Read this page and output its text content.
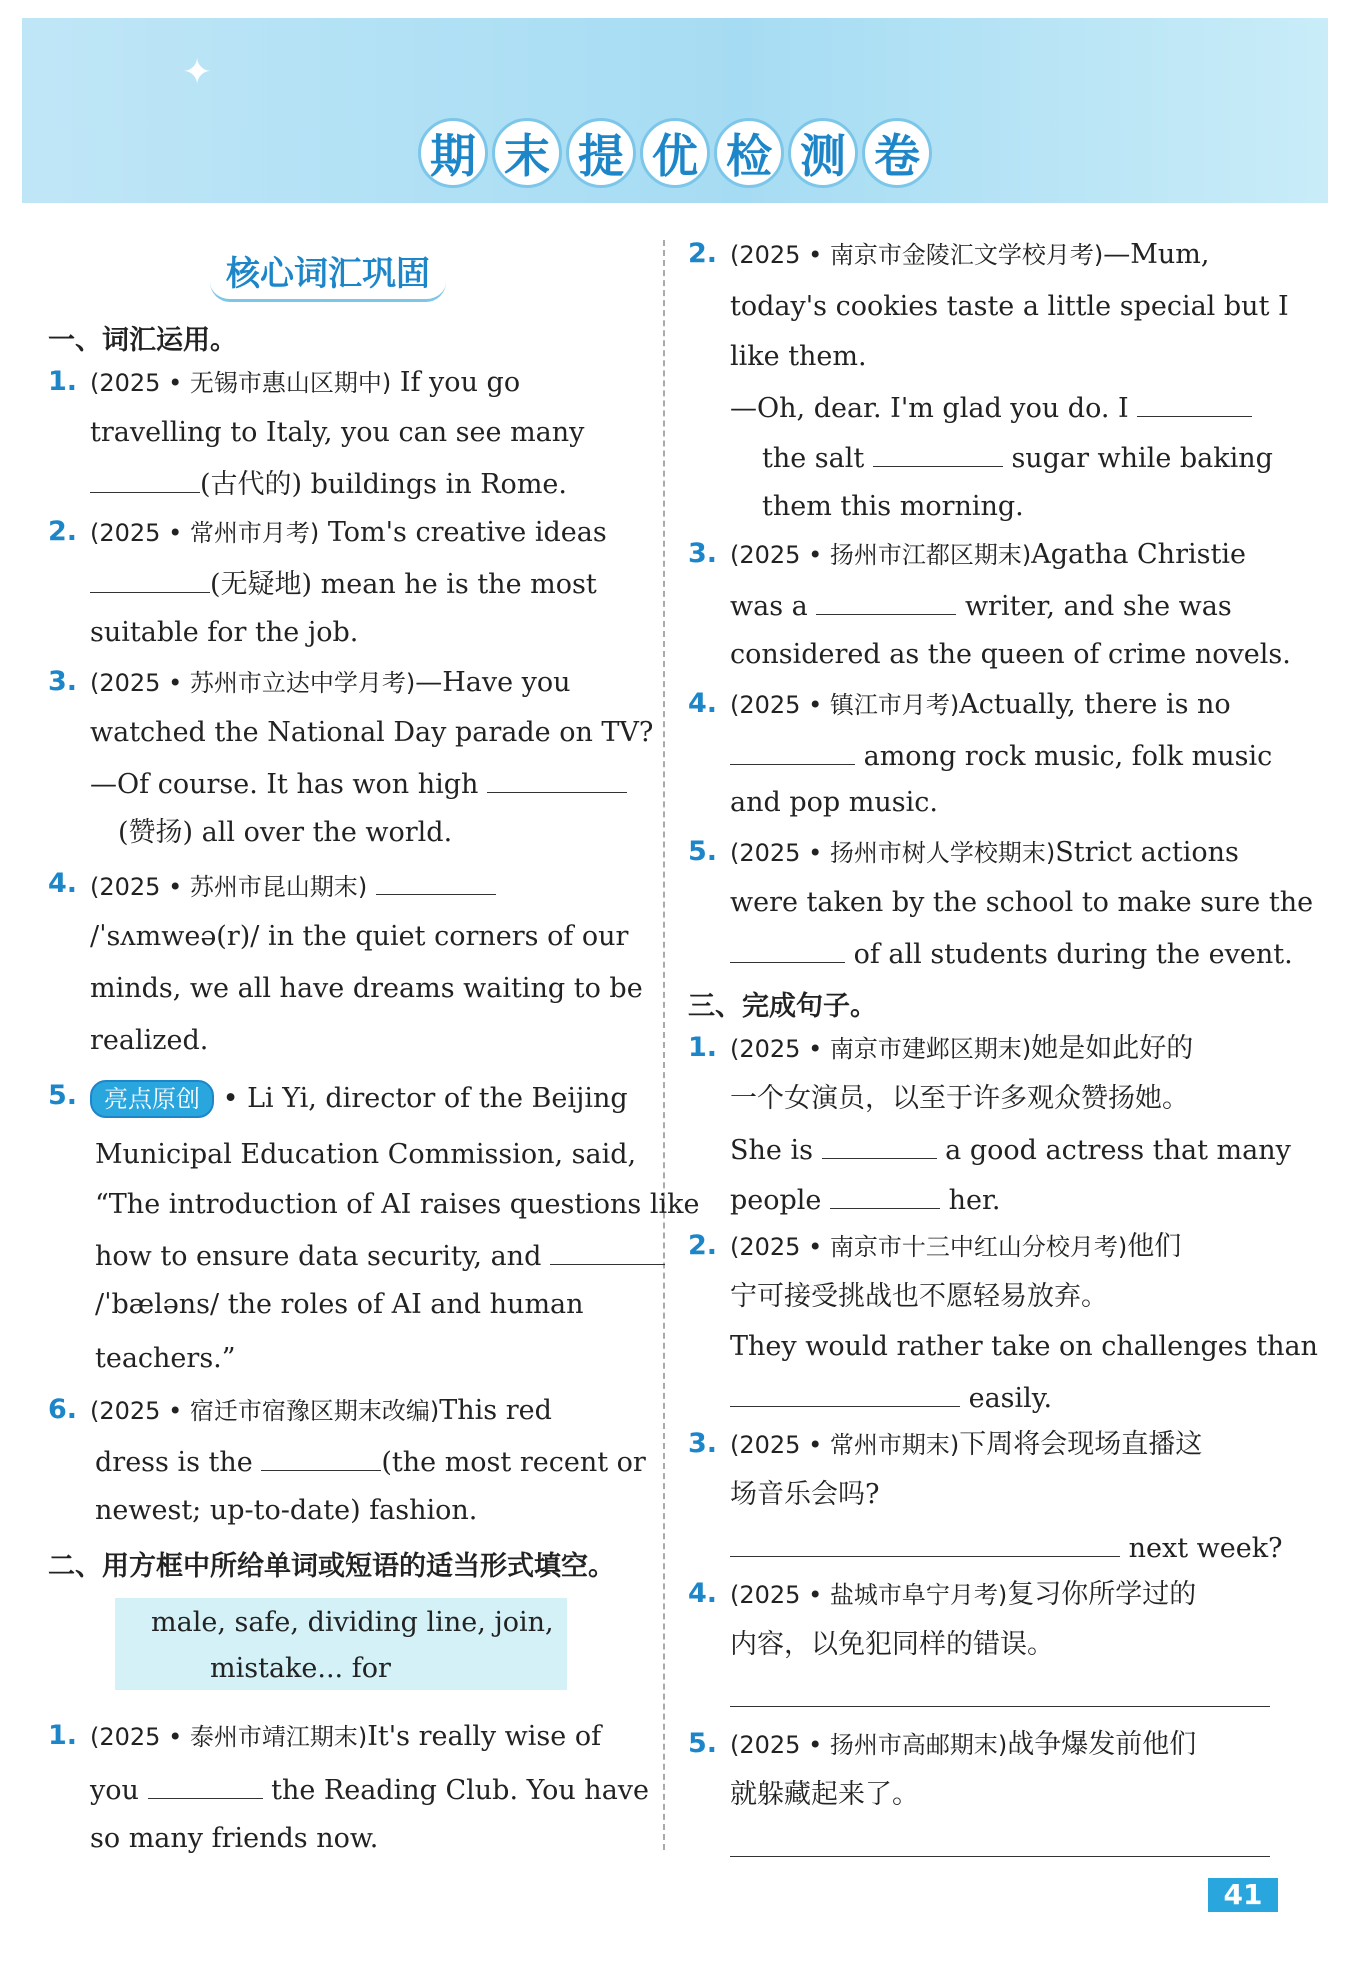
✦
期 末 提 优 检 测 卷
核心词汇巩固
一、词汇运用。
1. (2025 • 无锡市惠山区期中) If you go
travelling to Italy, you can see many
(古代的) buildings in Rome.
2. (2025 • 常州市月考) Tom's creative ideas
(无疑地) mean he is the most
suitable for the job.
3. (2025 • 苏州市立达中学月考)—Have you
watched the National Day parade on TV?
—Of course. It has won high
(赞扬) all over the world.
4. (2025 • 苏州市昆山期末)
/ˈsʌmweə(r)/ in the quiet corners of our
minds, we all have dreams waiting to be
realized.
5.	亮点原创 • Li Yi, director of the Beijing
Municipal Education Commission, said,
“The introduction of AI raises questions like
how to ensure data security, and
/ˈbæləns/ the roles of AI and human
teachers.”
6. (2025 • 宿迁市宿豫区期末改编)This red
dress is the	(the most recent or
newest; up-to-date) fashion.
二、用方框中所给单词或短语的适当形式填空。
male, safe, dividing line, join,
mistake... for
1. (2025 • 泰州市靖江期末)It's really wise of
you	the Reading Club. You have
so many friends now.
2. (2025 • 南京市金陵汇文学校月考)—Mum,
today's cookies taste a little special but I
like them.
—Oh, dear. I'm glad you do. I
the salt	sugar while baking
them this morning.
3. (2025 • 扬州市江都区期末)Agatha Christie
was a	writer, and she was
considered as the queen of crime novels.
4. (2025 • 镇江市月考)Actually, there is no
among rock music, folk music
and pop music.
5. (2025 • 扬州市树人学校期末)Strict actions
were taken by the school to make sure the
of all students during the event.
三、完成句子。
1. (2025 • 南京市建邺区期末)她是如此好的
一个女演员，以至于许多观众赞扬她。
She is	a good actress that many
people	her.
2. (2025 • 南京市十三中红山分校月考)他们
宁可接受挑战也不愿轻易放弃。
They would rather take on challenges than
easily.
3. (2025 • 常州市期末)下周将会现场直播这
场音乐会吗?
next week?
4. (2025 • 盐城市阜宁月考)复习你所学过的
内容，以免犯同样的错误。
5. (2025 • 扬州市高邮期末)战争爆发前他们
就躲藏起来了。
41
